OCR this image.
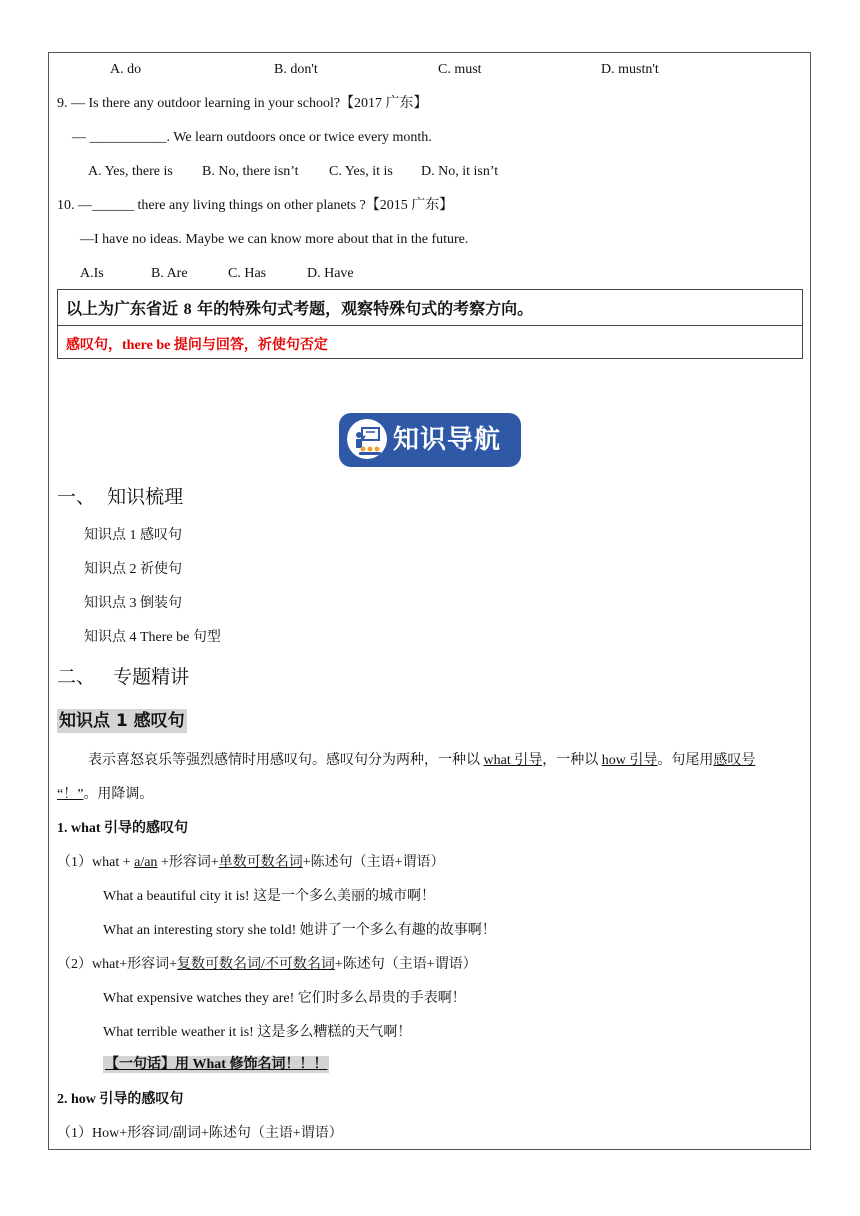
A. do	B. don't	C. must	D. mustn't
9. — Is there any outdoor learning in your school?【2017 广东】
— ___________. We learn outdoors once or twice every month.
A. Yes, there is B. No, there isn’t C. Yes, it is D. No, it isn’t
10. —______ there any living things on other planets ?【2015 广东】
—I have no ideas. Maybe we can know more about that in the future.
A.Is	B. Are	C. Has	D. Have
以上为广东省近 8 年的特殊句式考题，观察特殊句式的考察方向。
感叹句，there be 提问与回答，祈使句否定
知识导航
一、 知识梳理
知识点 1 感叹句
知识点 2 祈使句
知识点 3 倒装句
知识点 4 There be 句型
二、 专题精讲
知识点 1 感叹句
表示喜怒哀乐等强烈感情时用感叹句。感叹句分为两种，一种以 what 引导，一种以 how 引导。句尾用感叹号
“！”。用降调。
1. what 引导的感叹句
（1）what + a/an +形容词+单数可数名词+陈述句（主语+谓语）
What a beautiful city it is! 这是一个多么美丽的城市啊！
What an interesting story she told! 她讲了一个多么有趣的故事啊！
（2）what+形容词+复数可数名词/不可数名词+陈述句（主语+谓语）
What expensive watches they are! 它们时多么昂贵的手表啊！
What terrible weather it is! 这是多么糟糕的天气啊！
【一句话】用 What 修饰名词！！！
2. how 引导的感叹句
（1）How+形容词/副词+陈述句（主语+谓语）
